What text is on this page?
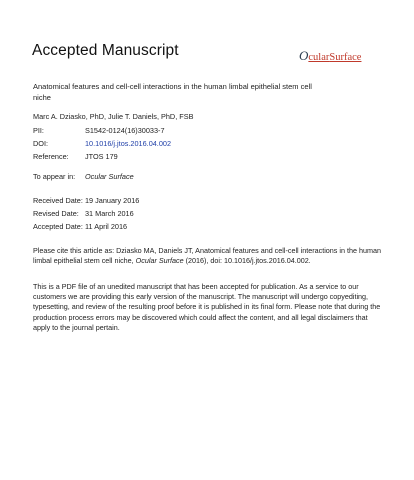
Accepted Manuscript	OcularSurface
Anatomical features and cell-cell interactions in the human limbal epithelial stem cell niche
Marc A. Dziasko, PhD, Julie T. Daniels, PhD, FSB
PII:	S1542-0124(16)30033-7
DOI:	10.1016/j.jtos.2016.04.002
Reference: JTOS 179
To appear in: Ocular Surface
Received Date: 19 January 2016
Revised Date: 31 March 2016
Accepted Date: 11 April 2016
Please cite this article as: Dziasko MA, Daniels JT, Anatomical features and cell-cell interactions in the human limbal epithelial stem cell niche, Ocular Surface (2016), doi: 10.1016/j.jtos.2016.04.002.
This is a PDF file of an unedited manuscript that has been accepted for publication. As a service to our customers we are providing this early version of the manuscript. The manuscript will undergo copyediting, typesetting, and review of the resulting proof before it is published in its final form. Please note that during the production process errors may be discovered which could affect the content, and all legal disclaimers that apply to the journal pertain.
